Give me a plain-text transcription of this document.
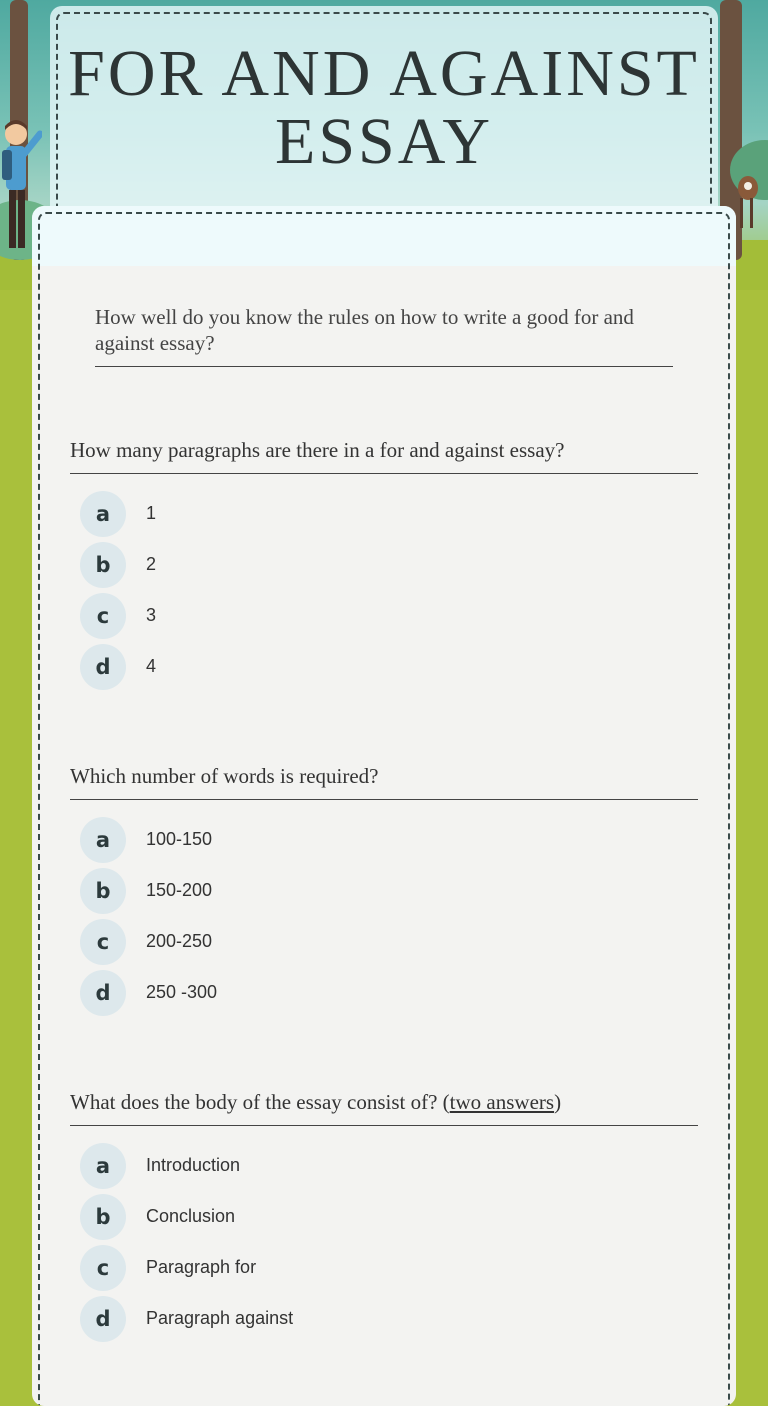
FOR AND AGAINST ESSAY
How well do you know the rules on how to write a good for and against essay?
How many paragraphs are there in a for and against essay?
a	1
b	2
c	3
d	4
Which number of words is required?
a	100-150
b	150-200
c	200-250
d	250 -300
What does the body of the essay consist of? (two answers)
a	Introduction
b	Conclusion
c	Paragraph for
d	Paragraph against
